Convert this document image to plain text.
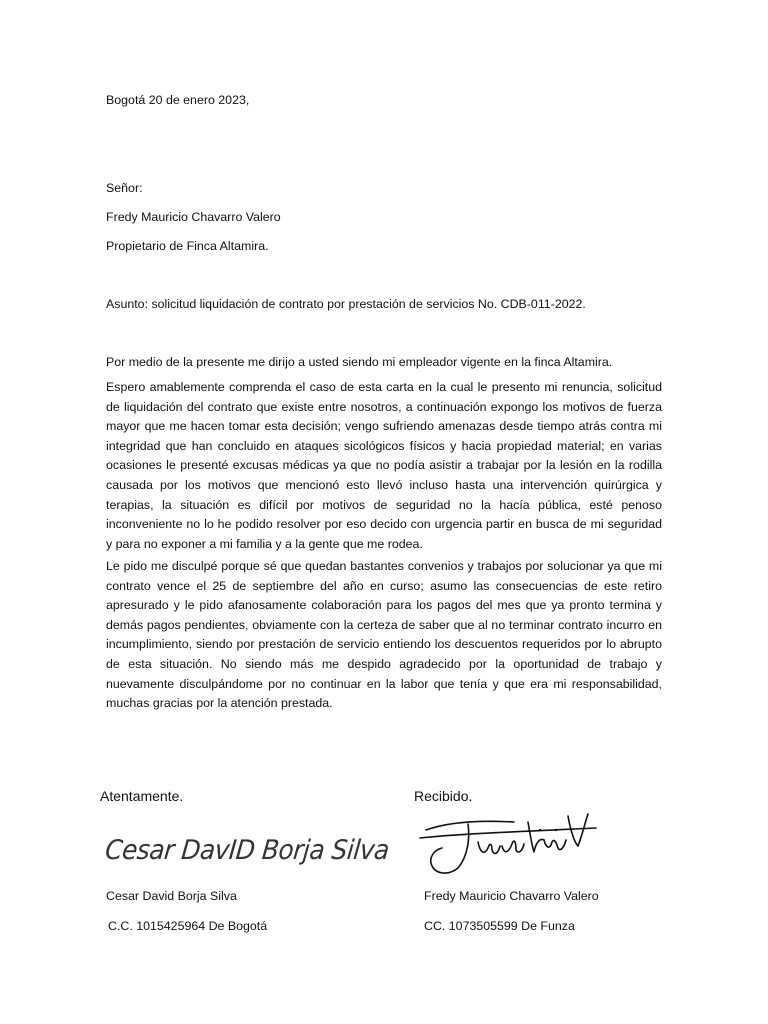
Bogotá 20 de enero 2023,
Señor:
Fredy Mauricio Chavarro Valero
Propietario de Finca Altamira.
Asunto: solicitud liquidación de contrato por prestación de servicios No. CDB-011-2022.
Por medio de la presente me dirijo a usted siendo mi empleador vigente en la finca Altamira.
Espero amablemente comprenda el caso de esta carta en la cual le presento mi renuncia, solicitud de liquidación del contrato que existe entre nosotros, a continuación expongo los motivos de fuerza mayor que me hacen tomar esta decisión; vengo sufriendo amenazas desde tiempo atrás contra mi integridad que han concluido en ataques sicológicos físicos y hacia propiedad material; en varias ocasiones le presenté excusas médicas ya que no podía asistir a trabajar por la lesión en la rodilla causada por los motivos que mencionó esto llevó incluso hasta una intervención quirúrgica y terapias, la situación es difícil por motivos de seguridad no la hacía pública, esté penoso inconveniente no lo he podido resolver por eso decido con urgencia partir en busca de mi seguridad y para no exponer a mi familia y a la gente que me rodea.
Le pido me disculpé porque sé que quedan bastantes convenios y trabajos por solucionar ya que mi contrato vence el 25 de septiembre del año en curso; asumo las consecuencias de este retiro apresurado y le pido afanosamente colaboración para los pagos del mes que ya pronto termina y demás pagos pendientes, obviamente con la certeza de saber que al no terminar contrato incurro en incumplimiento, siendo por prestación de servicio entiendo los descuentos requeridos por lo abrupto de esta situación. No siendo más me despido agradecido por la oportunidad de trabajo y nuevamente disculpándome por no continuar en la labor que tenía y que era mi responsabilidad, muchas gracias por la atención prestada.
Atentamente.
Cesar DavID Borja Silva
Cesar David Borja Silva
C.C. 1015425964 De Bogotá
Recibido.
Fredy Mauricio Chavarro Valero
CC. 1073505599 De Funza
